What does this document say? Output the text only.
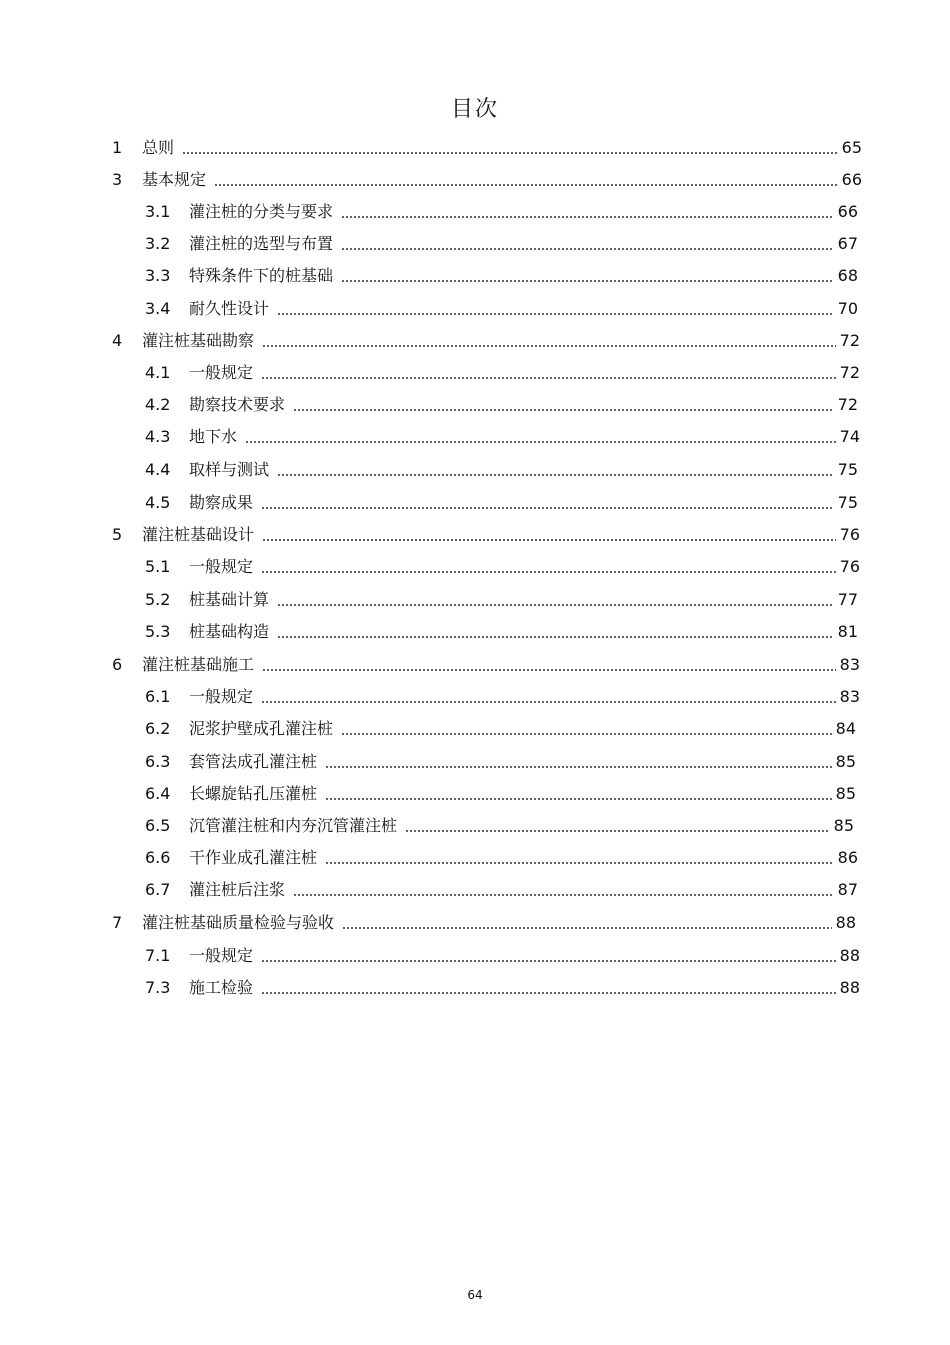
目次
1	总则	65
3	基本规定	66
3.1	灌注桩的分类与要求	66
3.2	灌注桩的选型与布置	67
3.3	特殊条件下的桩基础	68
3.4	耐久性设计	70
4	灌注桩基础勘察	72
4.1	一般规定	72
4.2	勘察技术要求	72
4.3	地下水	74
4.4	取样与测试	75
4.5	勘察成果	75
5	灌注桩基础设计	76
5.1	一般规定	76
5.2	桩基础计算	77
5.3	桩基础构造	81
6	灌注桩基础施工	83
6.1	一般规定	83
6.2	泥浆护壁成孔灌注桩	84
6.3	套管法成孔灌注桩	85
6.4	长螺旋钻孔压灌桩	85
6.5	沉管灌注桩和内夯沉管灌注桩	85
6.6	干作业成孔灌注桩	86
6.7	灌注桩后注浆	87
7	灌注桩基础质量检验与验收	88
7.1	一般规定	88
7.3	施工检验	88
64
